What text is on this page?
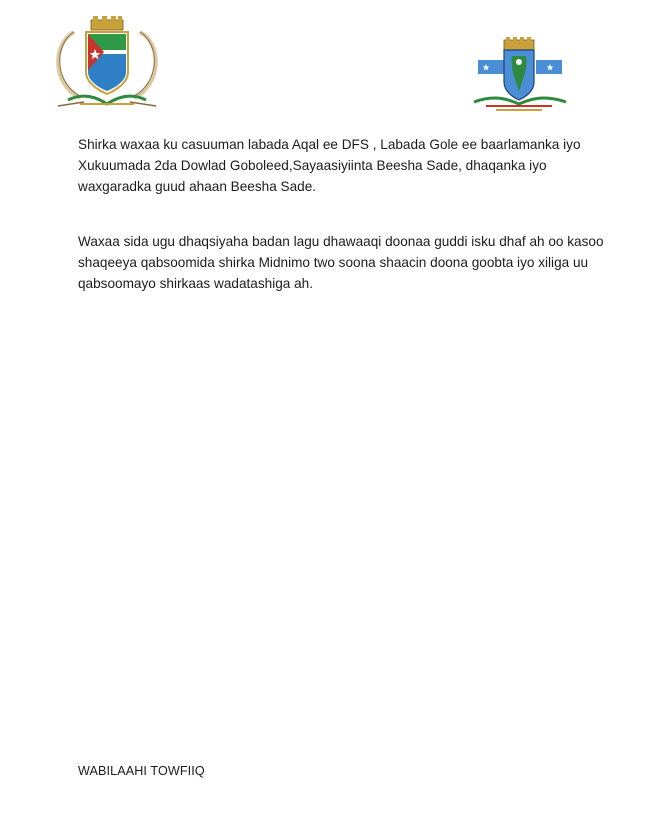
Shirka waxaa ku casuuman labada Aqal ee DFS , Labada Gole ee baarlamanka iyo Xukuumada 2da Dowlad Goboleed,Sayaasiyiinta Beesha Sade, dhaqanka iyo waxgaradka guud ahaan Beesha Sade.

Waxaa sida ugu dhaqsiyaha badan lagu dhawaaqi doonaa guddi isku dhaf ah oo kasoo shaqeeya qabsoomida shirka Midnimo two soona shaacin doona goobta iyo xiliga uu qabsoomayo shirkaas wadatashiga ah.

WABILAAHI TOWFIIQ
